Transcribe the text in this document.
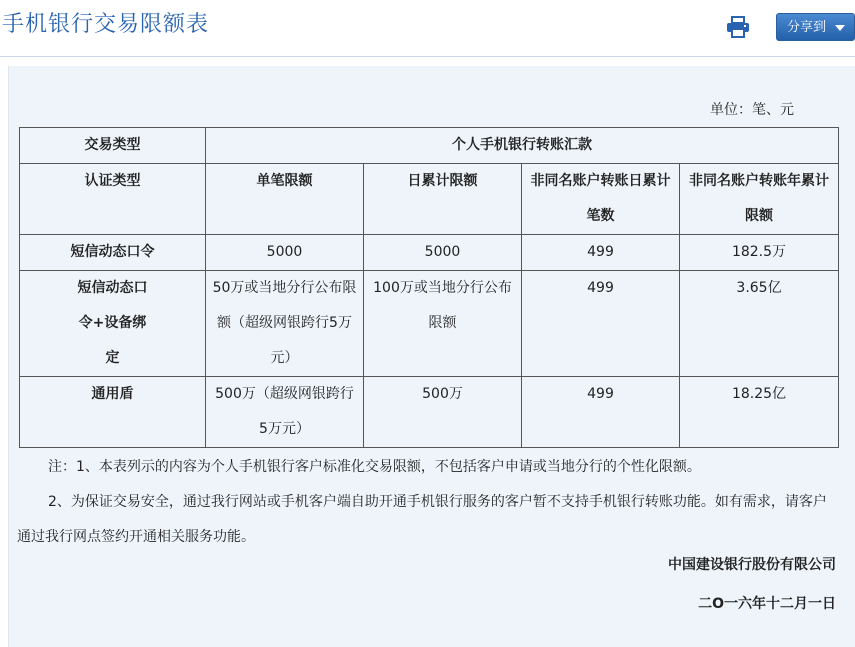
手机银行交易限额表	分享到
单位：笔、元
交易类型	个人手机银行转账汇款			
认证类型	单笔限额	日累计限额	非同名账户转账日累计笔数	非同名账户转账年累计限额
短信动态口令	5000	5000	499	182.5万
短信动态口令+设备绑定	50万或当地分行公布限额（超级网银跨行5万元）	100万或当地分行公布限额	499	3.65亿
通用盾	500万（超级网银跨行5万元）	500万	499	18.25亿

注：1、本表列示的内容为个人手机银行客户标准化交易限额，不包括客户申请或当地分行的个性化限额。

2、为保证交易安全，通过我行网站或手机客户端自助开通手机银行服务的客户暂不支持手机银行转账功能。如有需求，请客户通过我行网点签约开通相关服务功能。

中国建设银行股份有限公司
二O一六年十二月一日
